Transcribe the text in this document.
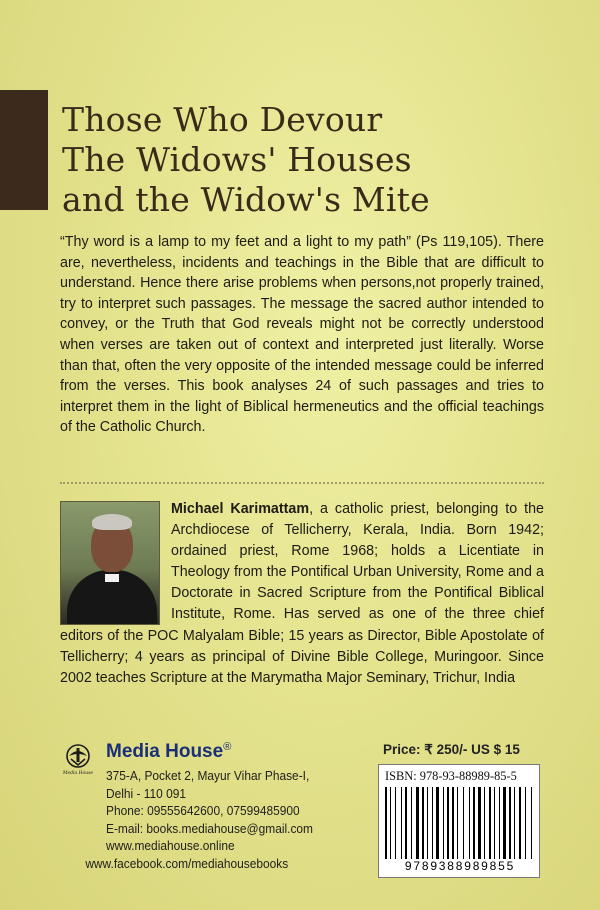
Those Who Devour
The Widows' Houses
and the Widow's Mite

“Thy word is a lamp to my feet and a light to my path” (Ps 119,105). There are, nevertheless, incidents and teachings in the Bible that are difficult to understand. Hence there arise problems when persons,not properly trained, try to interpret such passages. The message the sacred author intended to convey, or the Truth that God reveals might not be correctly understood when verses are taken out of context and interpreted just literally. Worse than that, often the very opposite of the intended message could be inferred from the verses. This book analyses 24 of such passages and tries to interpret them in the light of Biblical hermeneutics and the official teachings of the Catholic Church.

Michael Karimattam, a catholic priest, belonging to the Archdiocese of Tellicherry, Kerala, India. Born 1942; ordained priest, Rome 1968; holds a Licentiate in Theology from the Pontifical Urban University, Rome and a Doctorate in Sacred Scripture from the Pontifical Biblical Institute, Rome. Has served as one of the three chief editors of the POC Malyalam Bible; 15 years as Director, Bible Apostolate of Tellicherry; 4 years as principal of Divine Bible College, Muringoor. Since 2002 teaches Scripture at the Marymatha Major Seminary, Trichur, India

Media House
Media House®
375-A, Pocket 2, Mayur Vihar Phase-I,
Delhi - 110 091
Phone: 09555642600, 07599485900
E-mail: books.mediahouse@gmail.com
www.mediahouse.online
www.facebook.com/mediahousebooks
Price: ₹ 250/- US $ 15
ISBN: 978-93-88989-85-5
9789388989855
